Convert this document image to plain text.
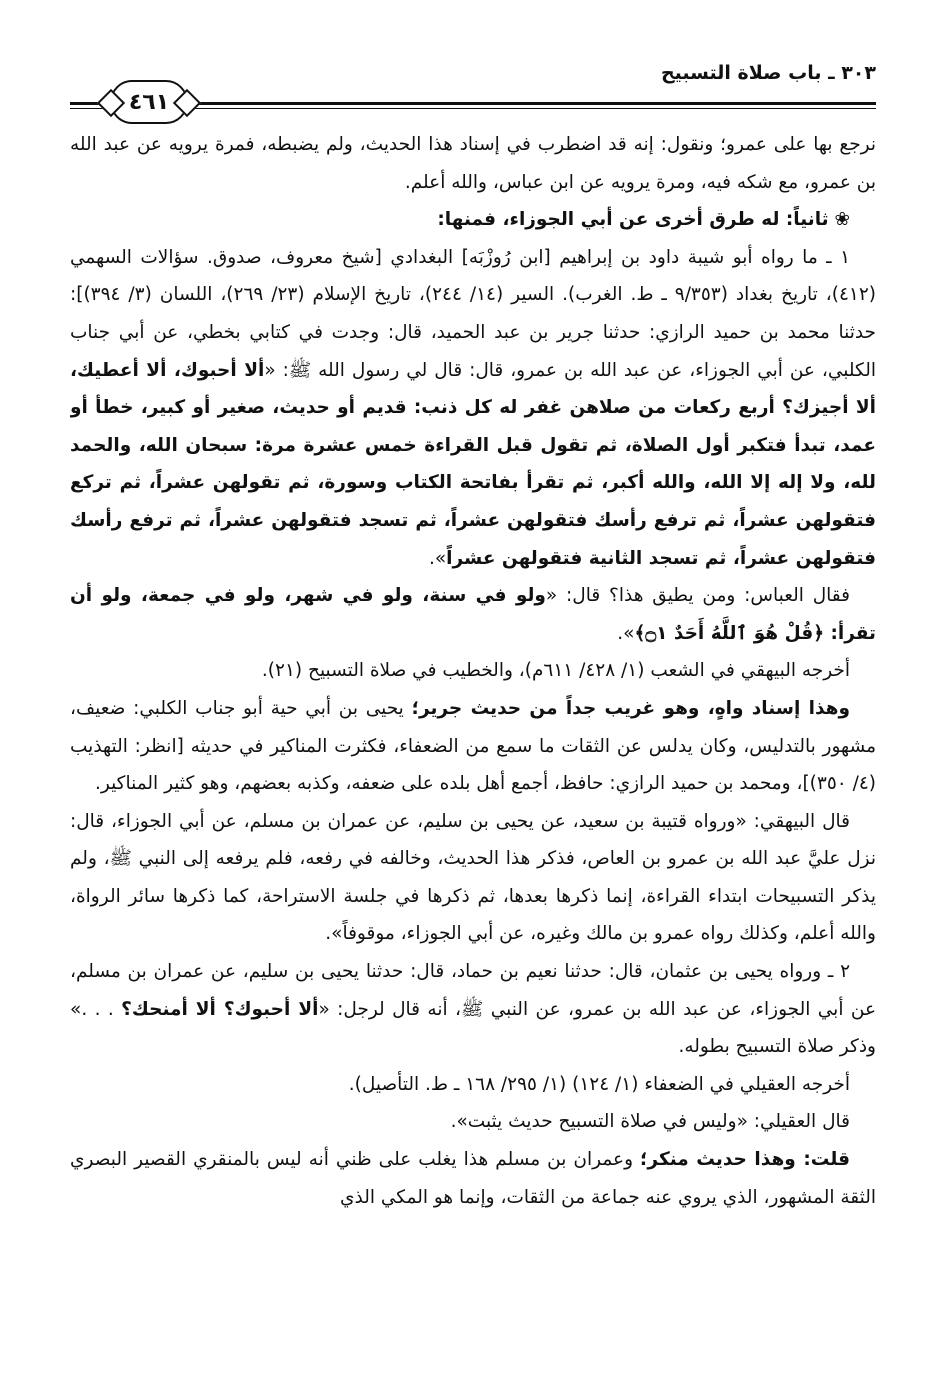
٣٠٣ ـ باب صلاة التسبيح
٤٦١

نرجع بها على عمرو؛ ونقول: إنه قد اضطرب في إسناد هذا الحديث، ولم يضبطه، فمرة يرويه عن عبد الله بن عمرو، مع شكه فيه، ومرة يرويه عن ابن عباس، والله أعلم.

❀ ثانياً: له طرق أخرى عن أبي الجوزاء، فمنها:

١ ـ ما رواه أبو شيبة داود بن إبراهيم [ابن رُوزْبَه] البغدادي [شيخ معروف، صدوق. سؤالات السهمي (٤١٢)، تاريخ بغداد (٩/٣٥٣ ـ ط. الغرب). السير (١٤/ ٢٤٤)، تاريخ الإسلام (٢٣/ ٢٦٩)، اللسان (٣/ ٣٩٤)]: حدثنا محمد بن حميد الرازي: حدثنا جرير بن عبد الحميد، قال: وجدت في كتابي بخطي، عن أبي جناب الكلبي، عن أبي الجوزاء، عن عبد الله بن عمرو، قال: قال لي رسول الله ﷺ: «ألا أحبوك، ألا أعطيك، ألا أجيزك؟ أربع ركعات من صلاهن غفر له كل ذنب: قديم أو حديث، صغير أو كبير، خطأ أو عمد، تبدأ فتكبر أول الصلاة، ثم تقول قبل القراءة خمس عشرة مرة: سبحان الله، والحمد لله، ولا إله إلا الله، والله أكبر، ثم تقرأ بفاتحة الكتاب وسورة، ثم تقولهن عشراً، ثم تركع فتقولهن عشراً، ثم ترفع رأسك فتقولهن عشراً، ثم تسجد فتقولهن عشراً، ثم ترفع رأسك فتقولهن عشراً، ثم تسجد الثانية فتقولهن عشراً».

فقال العباس: ومن يطيق هذا؟ قال: «ولو في سنة، ولو في شهر، ولو في جمعة، ولو أن تقرأ: ﴿قُلْ هُوَ ٱللَّهُ أَحَدٌ ۝١﴾».

أخرجه البيهقي في الشعب (١/ ٤٢٨/ ٦١١م)، والخطيب في صلاة التسبيح (٢١).

وهذا إسناد واهٍ، وهو غريب جداً من حديث جرير؛ يحيى بن أبي حية أبو جناب الكلبي: ضعيف، مشهور بالتدليس، وكان يدلس عن الثقات ما سمع من الضعفاء، فكثرت المناكير في حديثه [انظر: التهذيب (٤/ ٣٥٠)]، ومحمد بن حميد الرازي: حافظ، أجمع أهل بلده على ضعفه، وكذبه بعضهم، وهو كثير المناكير.

قال البيهقي: «ورواه قتيبة بن سعيد، عن يحيى بن سليم، عن عمران بن مسلم، عن أبي الجوزاء، قال: نزل عليَّ عبد الله بن عمرو بن العاص، فذكر هذا الحديث، وخالفه في رفعه، فلم يرفعه إلى النبي ﷺ، ولم يذكر التسبيحات ابتداء القراءة، إنما ذكرها بعدها، ثم ذكرها في جلسة الاستراحة، كما ذكرها سائر الرواة، والله أعلم، وكذلك رواه عمرو بن مالك وغيره، عن أبي الجوزاء، موقوفاً».

٢ ـ ورواه يحيى بن عثمان، قال: حدثنا نعيم بن حماد، قال: حدثنا يحيى بن سليم، عن عمران بن مسلم، عن أبي الجوزاء، عن عبد الله بن عمرو، عن النبي ﷺ، أنه قال لرجل: «ألا أحبوك؟ ألا أمنحك؟ . . .» وذكر صلاة التسبيح بطوله.

أخرجه العقيلي في الضعفاء (١/ ١٢٤) (١/ ٢٩٥/ ١٦٨ ـ ط. التأصيل).

قال العقيلي: «وليس في صلاة التسبيح حديث يثبت».

قلت: وهذا حديث منكر؛ وعمران بن مسلم هذا يغلب على ظني أنه ليس بالمنقري القصير البصري الثقة المشهور، الذي يروي عنه جماعة من الثقات، وإنما هو المكي الذي
